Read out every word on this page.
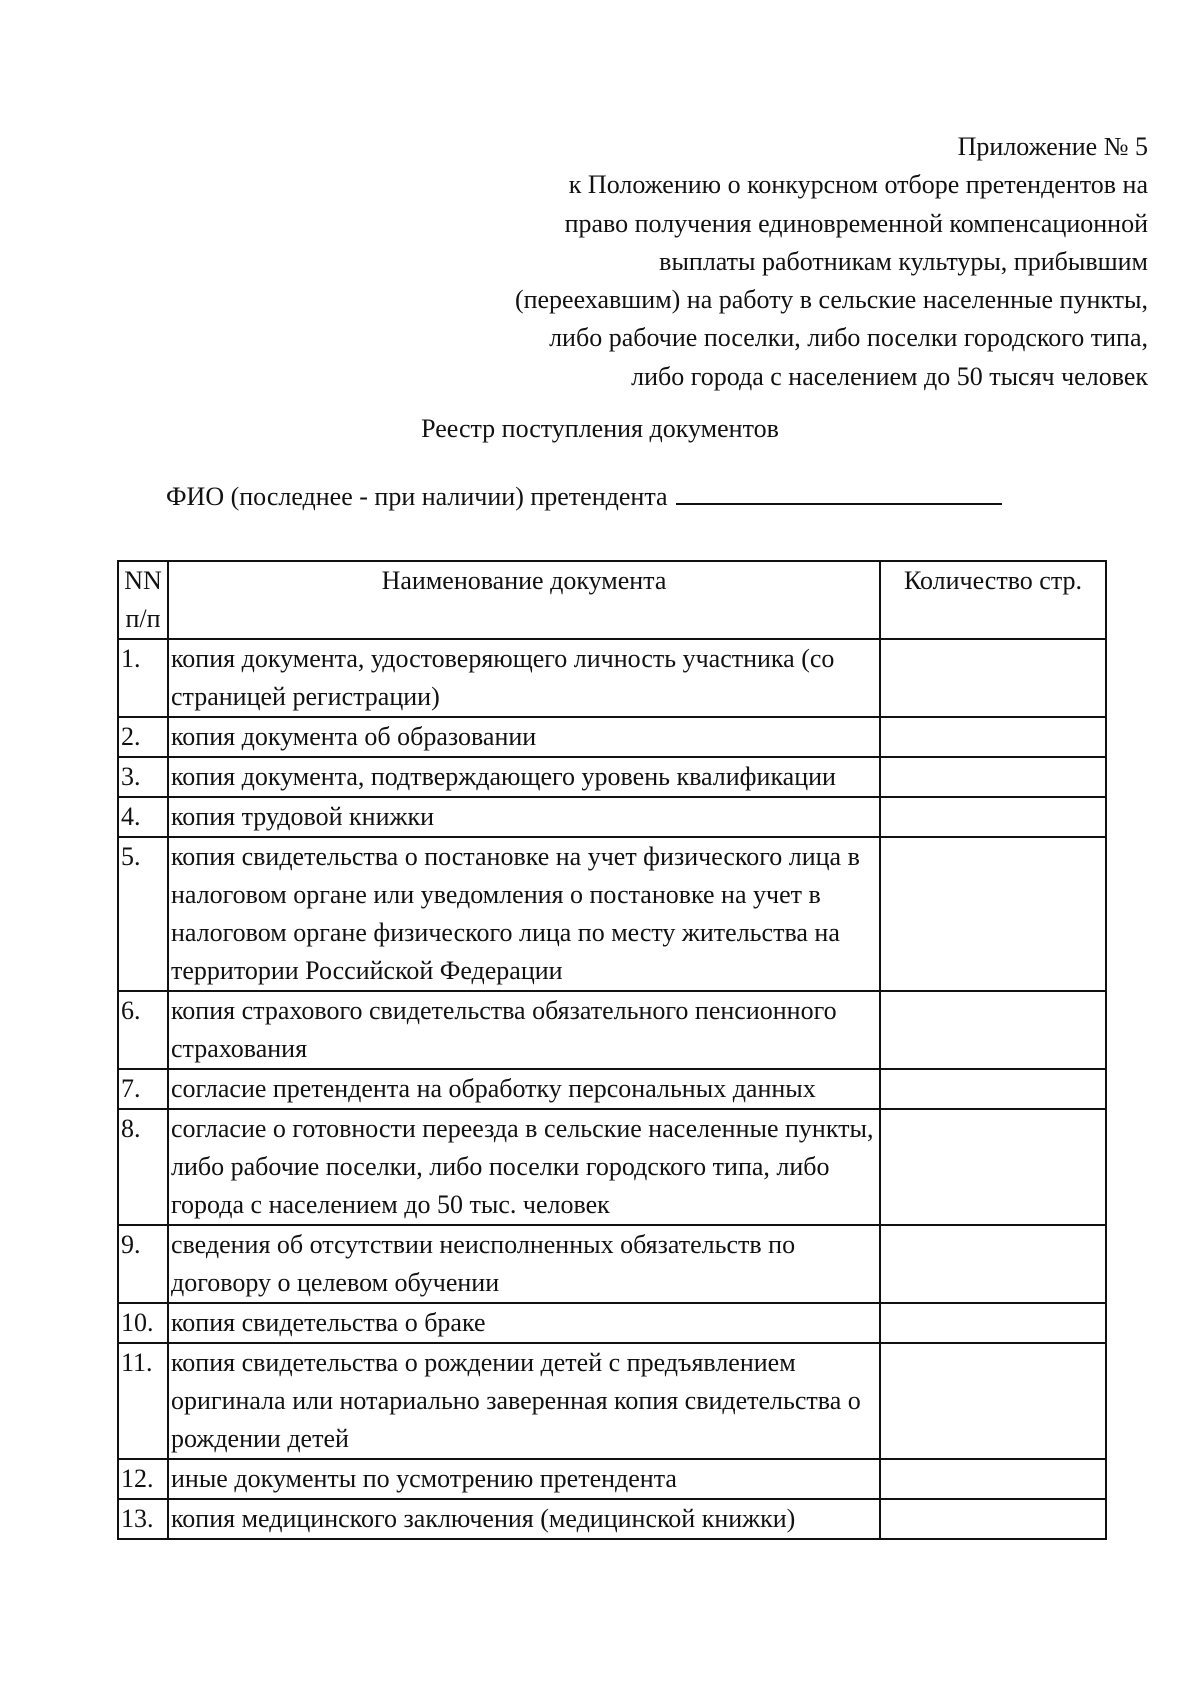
Приложение № 5
к Положению о конкурсном отборе претендентов на
право получения единовременной компенсационной
выплаты работникам культуры, прибывшим
(переехавшим) на работу в сельские населенные пункты,
либо рабочие поселки, либо поселки городского типа,
либо города с населением до 50 тысяч человек
Реестр поступления документов
ФИО (последнее - при наличии) претендента
NN
п/п	Наименование документа	Количество стр.
1.	копия документа, удостоверяющего личность участника (со страницей регистрации)	
2.	копия документа об образовании	
3.	копия документа, подтверждающего уровень квалификации	
4.	копия трудовой книжки	
5.	копия свидетельства о постановке на учет физического лица в налоговом органе или уведомления о постановке на учет в налоговом органе физического лица по месту жительства на территории Российской Федерации	
6.	копия страхового свидетельства обязательного пенсионного страхования	
7.	согласие претендента на обработку персональных данных	
8.	согласие о готовности переезда в сельские населенные пункты, либо рабочие поселки, либо поселки городского типа, либо города с населением до 50 тыс. человек	
9.	сведения об отсутствии неисполненных обязательств по договору о целевом обучении	
10.	копия свидетельства о браке	
11.	копия свидетельства о рождении детей с предъявлением оригинала или нотариально заверенная копия свидетельства о рождении детей	
12.	иные документы по усмотрению претендента	
13.	копия медицинского заключения (медицинской книжки)	
